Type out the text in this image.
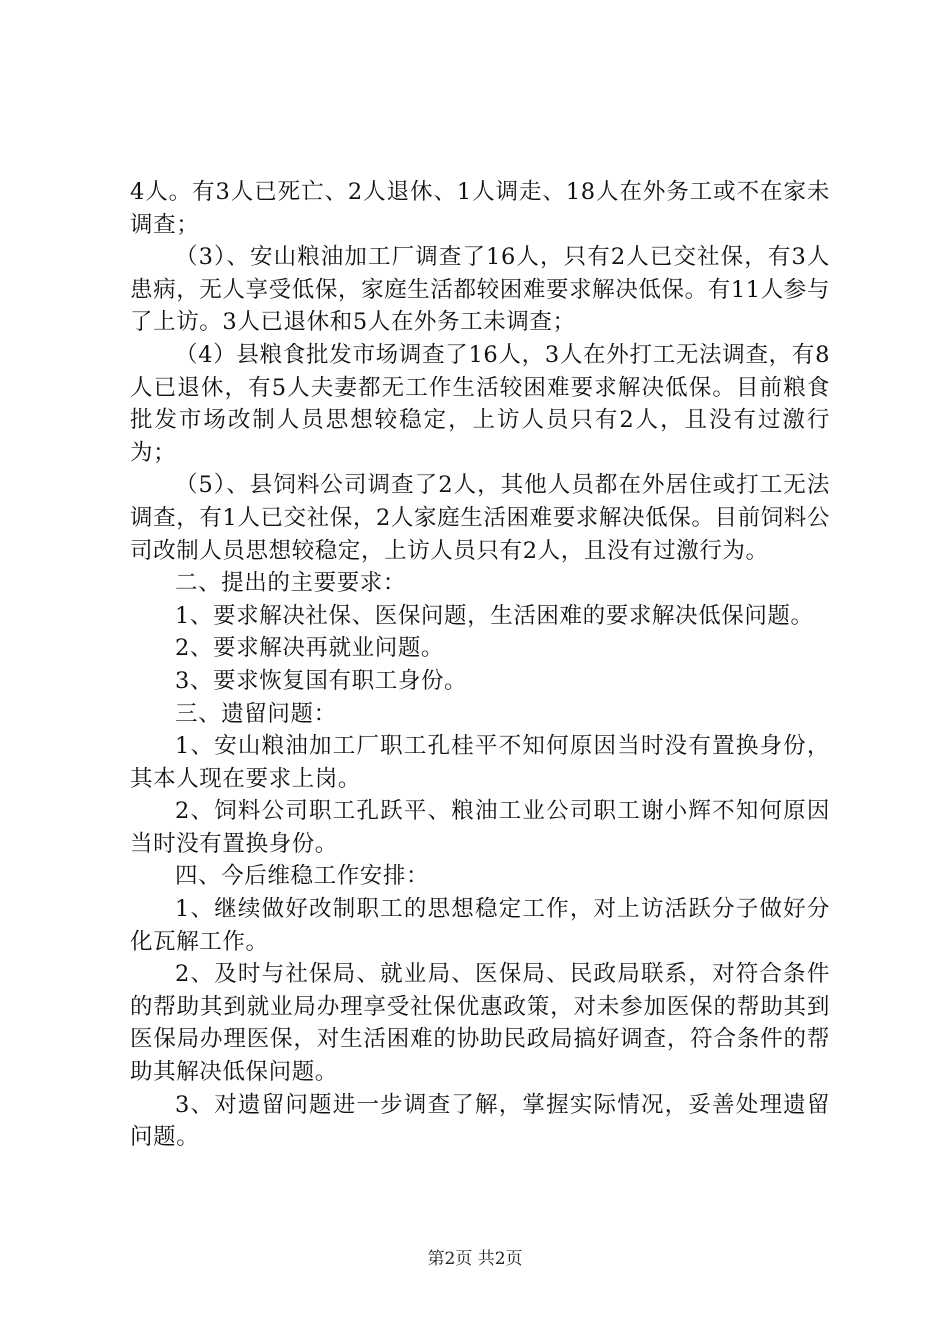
4人。有3人已死亡、2人退休、1人调走、18人在外务工或不在家未调查；

（3）、安山粮油加工厂调查了16人，只有2人已交社保，有3人患病，无人享受低保，家庭生活都较困难要求解决低保。有11人参与了上访。3人已退休和5人在外务工未调查；

（4）县粮食批发市场调查了16人，3人在外打工无法调查，有8人已退休，有5人夫妻都无工作生活较困难要求解决低保。目前粮食批发市场改制人员思想较稳定，上访人员只有2人，且没有过激行为；

（5）、县饲料公司调查了2人，其他人员都在外居住或打工无法调查，有1人已交社保，2人家庭生活困难要求解决低保。目前饲料公司改制人员思想较稳定，上访人员只有2人，且没有过激行为。

二、提出的主要要求：

1、要求解决社保、医保问题，生活困难的要求解决低保问题。

2、要求解决再就业问题。

3、要求恢复国有职工身份。

三、遗留问题：

1、安山粮油加工厂职工孔桂平不知何原因当时没有置换身份，其本人现在要求上岗。

2、饲料公司职工孔跃平、粮油工业公司职工谢小辉不知何原因当时没有置换身份。

四、今后维稳工作安排：

1、继续做好改制职工的思想稳定工作，对上访活跃分子做好分化瓦解工作。

2、及时与社保局、就业局、医保局、民政局联系，对符合条件的帮助其到就业局办理享受社保优惠政策，对未参加医保的帮助其到医保局办理医保，对生活困难的协助民政局搞好调查，符合条件的帮助其解决低保问题。

3、对遗留问题进一步调查了解，掌握实际情况，妥善处理遗留问题。

第2页 共2页
